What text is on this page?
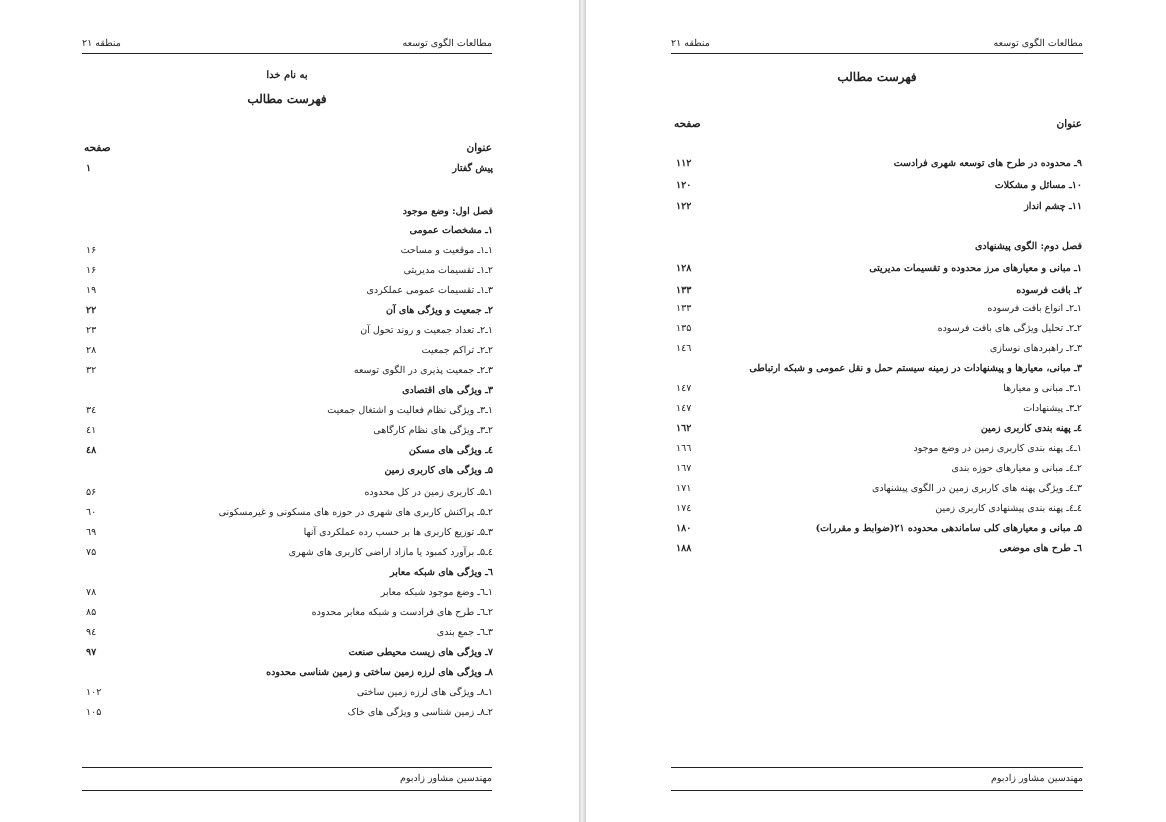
مطالعات الگوی توسعه
منطقه ۲۱
به نام خدا
فهرست مطالب
عنوان
صفحه
پیش گفتار
۱
فصل اول: وضع موجود
۱ـ مشخصات عمومی
۱ـ۱ـ موقعیت و مساحت
۱۶
۲ـ۱ـ تقسیمات مدیریتی
۱۶
۳ـ۱ـ تقسیمات عمومی عملکردی
۱۹
۲ـ جمعیت و ویژگی های آن
۲۲
۱ـ۲ـ تعداد جمعیت و روند تحول آن
۲۳
۲ـ۲ـ تراکم جمعیت
۲۸
۳ـ۲ـ جمعیت پذیری در الگوی توسعه
۳۲
۳ـ ویژگی های اقتصادی
۱ـ۳ـ ویژگی نظام فعالیت و اشتغال جمعیت
۳٤
۲ـ۳ـ ویژگی های نظام کارگاهی
٤۱
٤ـ ویژگی های مسکن
٤۸
۵ـ ویژگی های کاربری زمین
۱ـ۵ـ کاربری زمین در کل محدوده
۵۶
۲ـ۵ـ پراکنش کاربری های شهری در حوزه های مسکونی و غیرمسکونی
٦۰
۳ـ۵ـ توزیع کاربری ها بر حسب رده عملکردی آنها
٦۹
٤ـ۵ـ برآورد کمبود یا مازاد اراضی کاربری های شهری
۷۵
٦ـ ویژگی های شبکه معابر
۱ـ٦ـ وضع موجود شبکه معابر
۷۸
۲ـ٦ـ طرح های فرادست و شبکه معابر محدوده
۸۵
۳ـ٦ـ جمع بندی
۹٤
۷ـ ویژگی های زیست محیطی صنعت
۹۷
۸ـ ویژگی های لرزه زمین ساختی و زمین شناسی محدوده
۱ـ۸ـ ویژگی های لرزه زمین ساختی
۱۰۲
۲ـ۸ـ زمین شناسی و ویژگی های خاک
۱۰۵
مهندسین مشاور زادبوم
مطالعات الگوی توسعه
منطقه ۲۱
فهرست مطالب
عنوان
صفحه
۹ـ محدوده در طرح های توسعه شهری فرادست
۱۱۲
۱۰ـ مسائل و مشکلات
۱۲۰
۱۱ـ چشم انداز
۱۲۲
فصل دوم: الگوی پیشنهادی
۱ـ مبانی و معیارهای مرز محدوده و تقسیمات مدیریتی
۱۲۸
۲ـ بافت فرسوده
۱۳۳
۱ـ۲ـ انواع بافت فرسوده
۱۳۳
۲ـ۲ـ تحلیل ویژگی های بافت فرسوده
۱۳۵
۳ـ۲ـ راهبردهای نوسازی
۱٤٦
۳ـ مبانی، معیارها و پیشنهادات در زمینه سیستم حمل و نقل عمومی و شبکه ارتباطی
۱ـ۳ـ مبانی و معیارها
۱٤۷
۲ـ۳ـ پیشنهادات
۱٤۷
٤ـ پهنه بندی کاربری زمین
۱٦۲
۱ـ٤ـ پهنه بندی کاربری زمین در وضع موجود
۱٦٦
۲ـ٤ـ مبانی و معیارهای حوزه بندی
۱٦۷
۳ـ٤ـ ویژگی پهنه های کاربری زمین در الگوی پیشنهادی
۱۷۱
٤ـ٤ـ پهنه بندی پیشنهادی کاربری زمین
۱۷٤
۵ـ مبانی و معیارهای کلی ساماندهی محدوده ۲۱(ضوابط و مقررات)
۱۸۰
٦ـ طرح های موضعی
۱۸۸
مهندسین مشاور زادبوم
